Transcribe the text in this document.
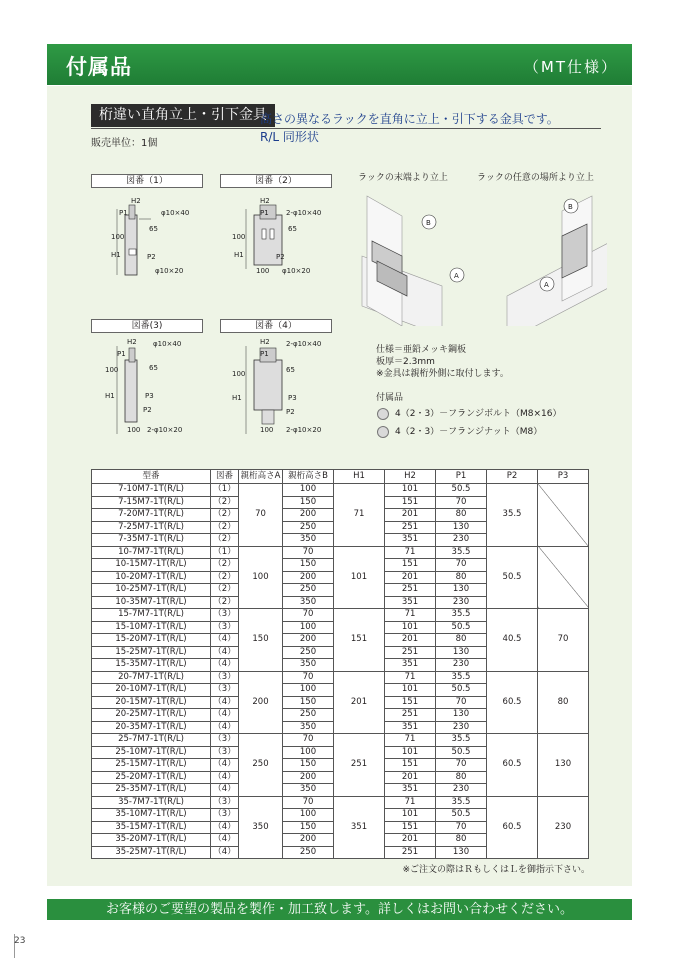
付属品	（MT仕様）
桁違い直角立上・引下金具
高さの異なるラックを直角に立上・引下する金具です。
R/L 同形状
販売単位：1個
図番（1）
H2
P1	φ10×40
65
100
H1	P2
φ10×20
図番（2）
H2
P1 2-φ10×40
65
100
H1	P2
100 φ10×20
図番(3)
H2
P1
φ10×40
65
100
H1	P3
P2
100 2-φ10×20
図番（4）
H2
P1
2-φ10×40
65
100
H1	P3
P2
100 2-φ10×20
ラックの末端より立上	ラックの任意の場所より立上
B
A
B
A
仕様＝亜鉛メッキ鋼板
板厚＝2.3mm
※金具は親桁外側に取付します。
付属品
4（2・3）－フランジボルト（M8×16）
4（2・3）－フランジナット（M8）
型番	図番	親桁高さA	親桁高さB	H1	H2	P1	P2	P3
7-10M7-1T(R/L)	（1）	70	100	71	101	50.5	35.5	
7-15M7-1T(R/L)	（2）		150		151	70		
7-20M7-1T(R/L)	（2）		200		201	80		
7-25M7-1T(R/L)	（2）		250		251	130		
7-35M7-1T(R/L)	（2）		350		351	230		
10-7M7-1T(R/L)	（1）	100	70	101	71	35.5	50.5	
10-15M7-1T(R/L)	（2）		150		151	70		
10-20M7-1T(R/L)	（2）		200		201	80		
10-25M7-1T(R/L)	（2）		250		251	130		
10-35M7-1T(R/L)	（2）		350		351	230		
15-7M7-1T(R/L)	（3）	150	70	151	71	35.5	40.5	70
15-10M7-1T(R/L)	（3）		100		101	50.5		
15-20M7-1T(R/L)	（4）		200		201	80		
15-25M7-1T(R/L)	（4）		250		251	130		
15-35M7-1T(R/L)	（4）		350		351	230		
20-7M7-1T(R/L)	（3）	200	70	201	71	35.5	60.5	80
20-10M7-1T(R/L)	（3）		100		101	50.5		
20-15M7-1T(R/L)	（4）		150		151	70		
20-25M7-1T(R/L)	（4）		250		251	130		
20-35M7-1T(R/L)	（4）		350		351	230		
25-7M7-1T(R/L)	（3）	250	70	251	71	35.5	60.5	130
25-10M7-1T(R/L)	（3）		100		101	50.5		
25-15M7-1T(R/L)	（4）		150		151	70		
25-20M7-1T(R/L)	（4）		200		201	80		
25-35M7-1T(R/L)	（4）		350		351	230		
35-7M7-1T(R/L)	（3）	350	70	351	71	35.5	60.5	230
35-10M7-1T(R/L)	（3）		100		101	50.5		
35-15M7-1T(R/L)	（4）		150		151	70		
35-20M7-1T(R/L)	（4）		200		201	80		
35-25M7-1T(R/L)	（4）		250		251	130		
※ご注文の際はＲもしくはＬを御指示下さい。
お客様のご要望の製品を製作・加工致します。詳しくはお問い合わせください。
23
